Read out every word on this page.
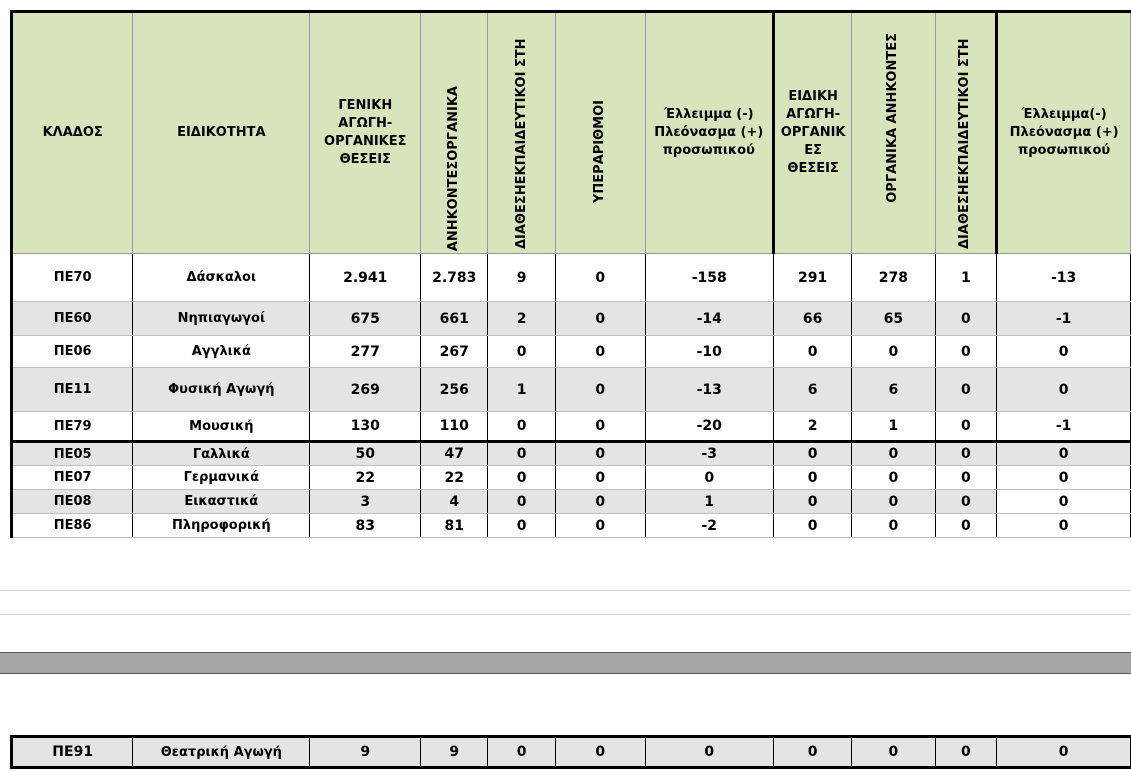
ΚΛΑΔΟΣ	ΕΙΔΙΚΟΤΗΤΑ	ΓΕΝΙΚΗ ΑΓΩΓΗ-ΟΡΓΑΝΙΚΕΣ ΘΕΣΕΙΣ	ΑΝΗΚΟΝΤΕΣΟΡΓΑΝΙΚΑ	ΔΙΑΘΕΣΗΕΚΠΑΙΔΕΥΤΙΚΟΙ ΣΤΗ	ΥΠΕΡΑΡΙΘΜΟΙ	Έλλειμμα (-) Πλεόνασμα (+) προσωπικού	ΕΙΔΙΚΗ ΑΓΩΓΗ-ΟΡΓΑΝΙΚ ΕΣ ΘΕΣΕΙΣ	ΟΡΓΑΝΙΚΑ ΑΝΗΚΟΝΤΕΣ	ΔΙΑΘΕΣΗΕΚΠΑΙΔΕΥΤΙΚΟΙ ΣΤΗ	Έλλειμμα(-) Πλεόνασμα (+) προσωπικού

ΠΕ70	Δάσκαλοι	2.941	2.783	9	0	-158	291	278	1	-13
ΠΕ60	Νηπιαγωγοί	675	661	2	0	-14	66	65	0	-1
ΠΕ06	Αγγλικά	277	267	0	0	-10	0	0	0	0
ΠΕ11	Φυσική Αγωγή	269	256	1	0	-13	6	6	0	0
ΠΕ79	Μουσική	130	110	0	0	-20	2	1	0	-1
ΠΕ05	Γαλλικά	50	47	0	0	-3	0	0	0	0
ΠΕ07	Γερμανικά	22	22	0	0	0	0	0	0	0
ΠΕ08	Εικαστικά	3	4	0	0	1	0	0	0	0
ΠΕ86	Πληροφορική	83	81	0	0	-2	0	0	0	0
ΠΕ91	Θεατρική Αγωγή	9	9	0	0	0	0	0	0	0
